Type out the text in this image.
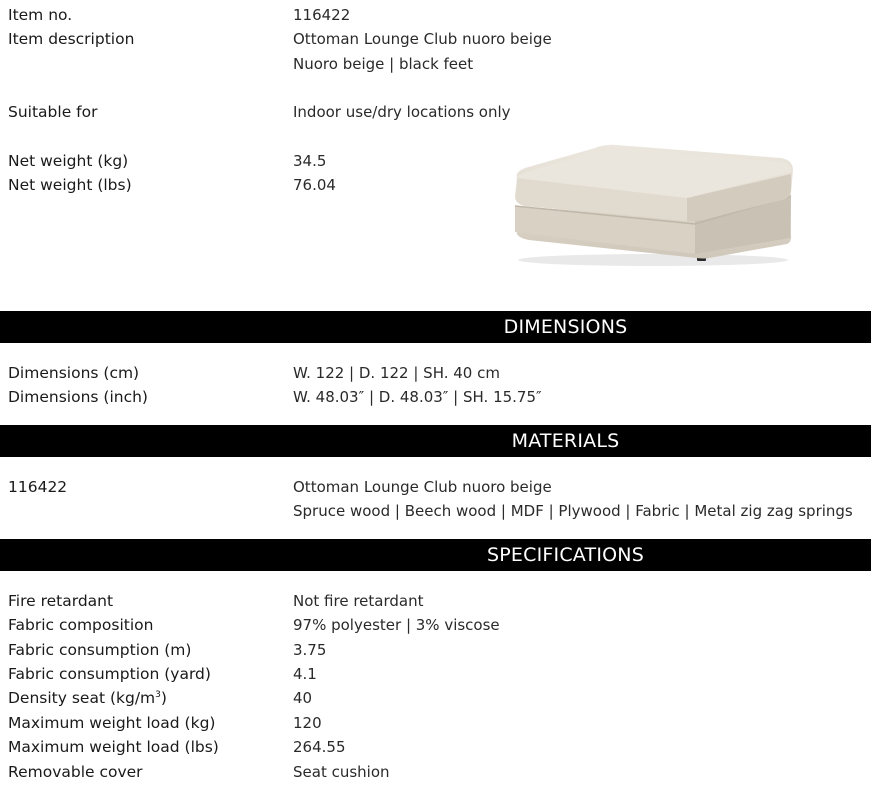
Item no.	116422
Item description	Ottoman Lounge Club nuoro beige
Nuoro beige | black feet
Suitable for	Indoor use/dry locations only
Net weight (kg)	34.5
Net weight (lbs)	76.04
DIMENSIONS
Dimensions (cm)	W. 122 | D. 122 | SH. 40 cm
Dimensions (inch)	W. 48.03″ | D. 48.03″ | SH. 15.75″
MATERIALS
116422	Ottoman Lounge Club nuoro beige
Spruce wood | Beech wood | MDF | Plywood | Fabric | Metal zig zag springs
SPECIFICATIONS
Fire retardant	Not fire retardant
Fabric composition	97% polyester | 3% viscose
Fabric consumption (m)	3.75
Fabric consumption (yard)	4.1
Density seat $(kg/m^3)$	40
Maximum weight load (kg)	120
Maximum weight load (lbs)	264.55
Removable cover	Seat cushion
